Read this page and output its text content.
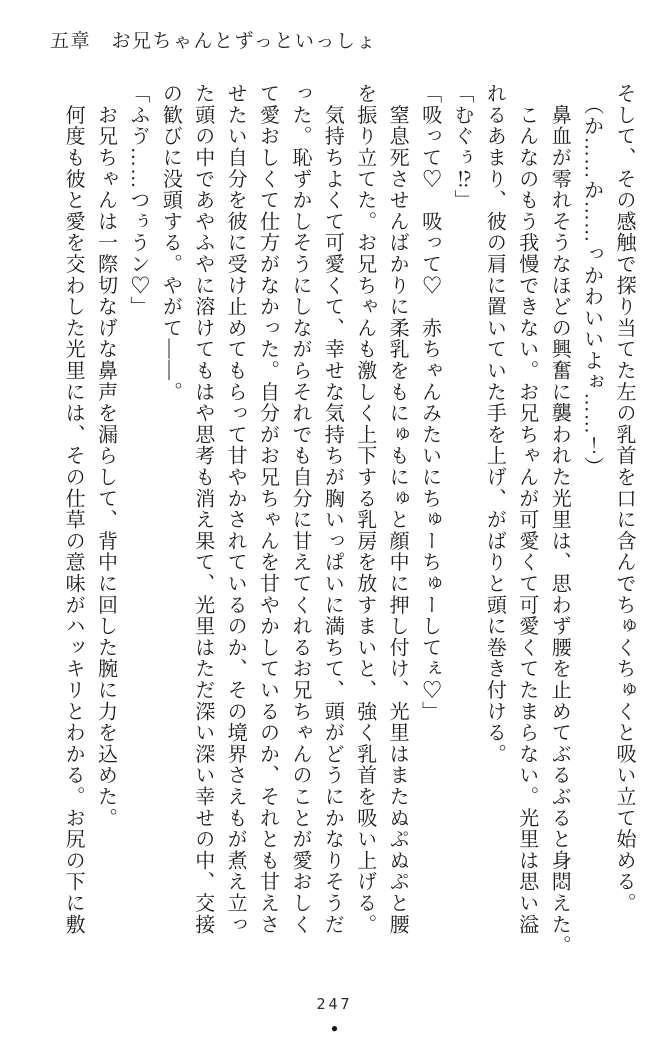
五章　お兄ちゃんとずっといっしょ

そして、その感触で探り当てた左の乳首を口に含んでちゅくちゅくと吸い立て始める。

　（か……か……っかわいいよぉ……！）

　鼻血が零れそうなほどの興奮に襲われた光里は、思わず腰を止めてぶるぶると身悶えた。

　こんなのもう我慢できない。お兄ちゃんが可愛くて可愛くてたまらない。光里は思い溢

れるあまり、彼の肩に置いていた手を上げ、がばりと頭に巻き付ける。

「むぐぅ⁉」

「吸って♡　吸って♡　赤ちゃんみたいにちゅーちゅーしてぇ♡」

　窒息死させんばかりに柔乳をもにゅもにゅと顔中に押し付け、光里はまたぬぷぬぷと腰

を振り立てた。お兄ちゃんも激しく上下する乳房を放すまいと、強く乳首を吸い上げる。

　気持ちよくて可愛くて、幸せな気持ちが胸いっぱいに満ちて、頭がどうにかなりそうだ

った。恥ずかしそうにしながらそれでも自分に甘えてくれるお兄ちゃんのことが愛おしく

て愛おしくて仕方がなかった。自分がお兄ちゃんを甘やかしているのか、それとも甘えさ

せたい自分を彼に受け止めてもらって甘やかされているのか、その境界さえもが煮え立っ

た頭の中であやふやに溶けてもはや思考も消え果て、光里はただ深い深い幸せの中、交接

の歓びに没頭する。やがて――。

「ふゔ……つぅうン♡」

　お兄ちゃんは一際切なげな鼻声を漏らして、背中に回した腕に力を込めた。

　何度も彼と愛を交わした光里には、その仕草の意味がハッキリとわかる。お尻の下に敷

247
●
